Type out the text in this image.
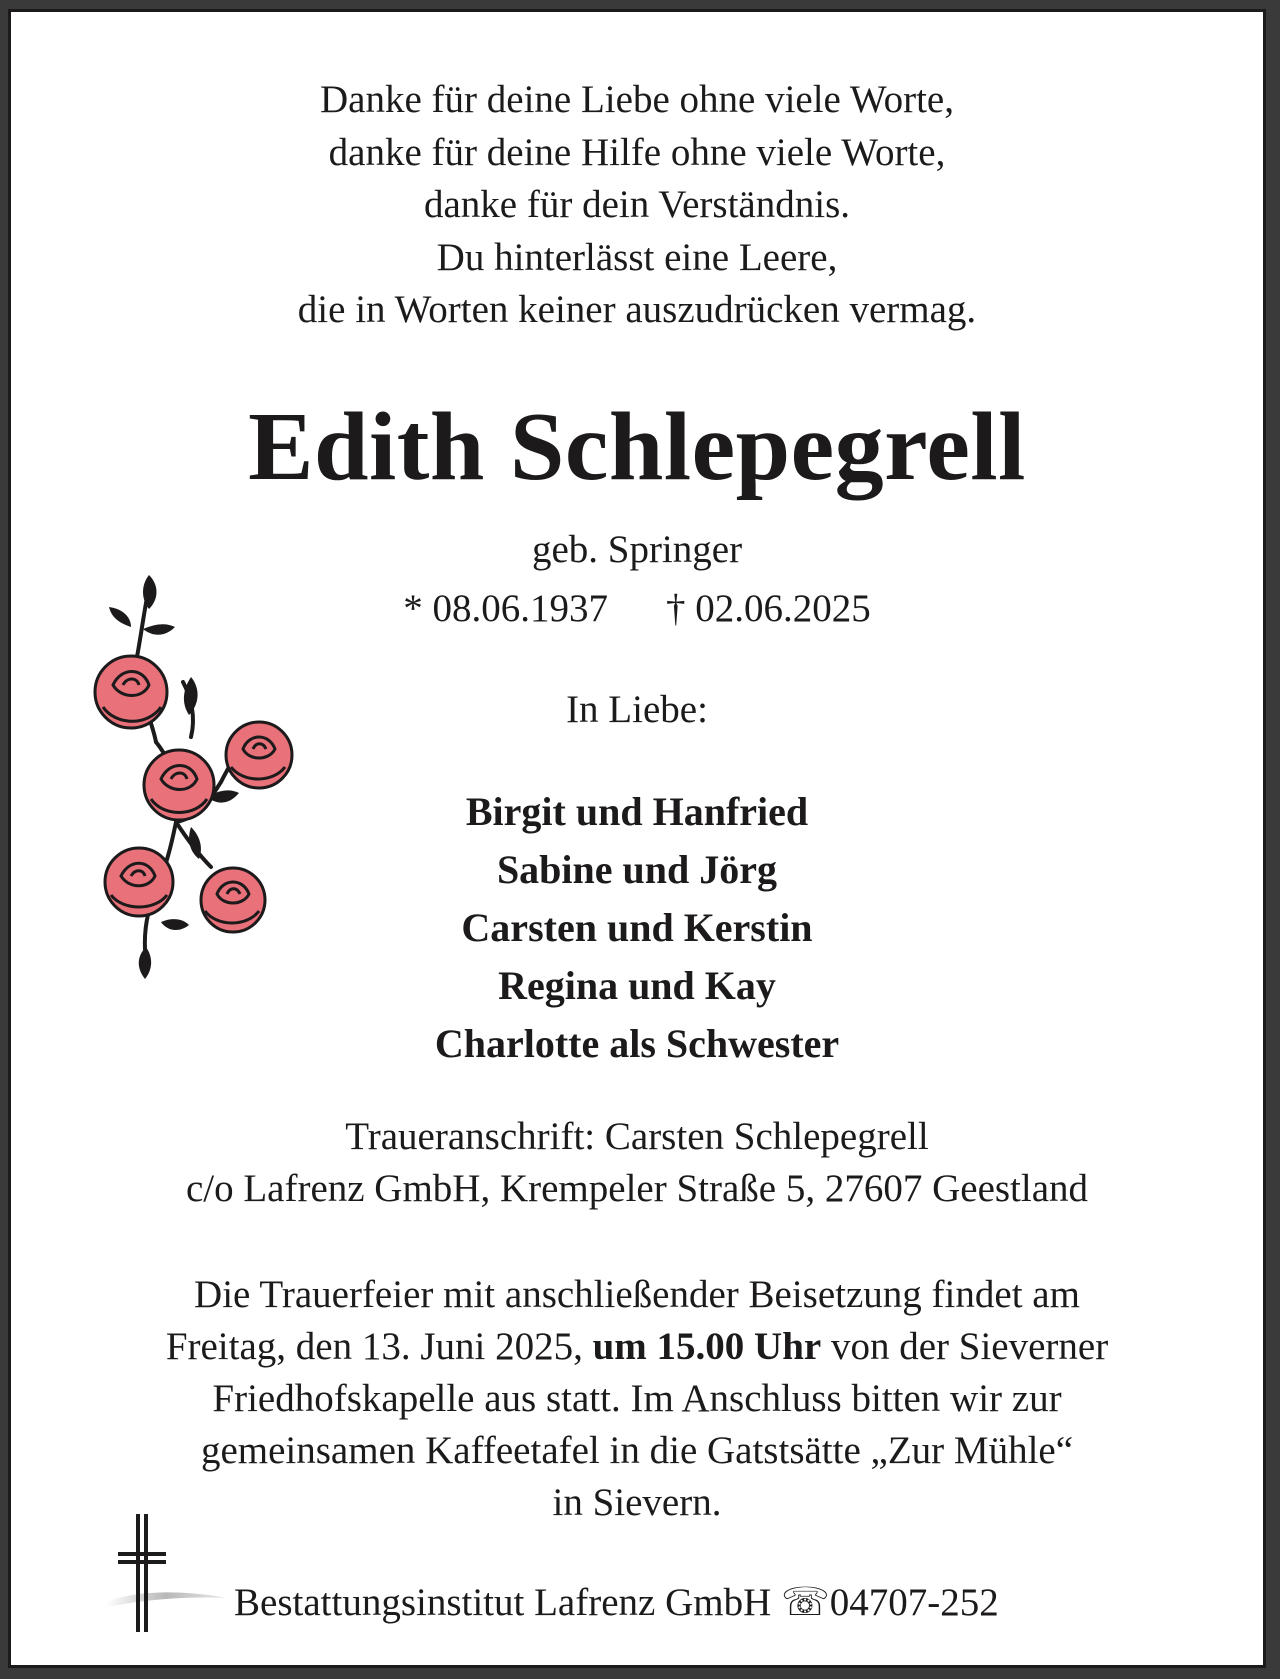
Danke für deine Liebe ohne viele Worte,
danke für deine Hilfe ohne viele Worte,
danke für dein Verständnis.
Du hinterlässt eine Leere,
die in Worten keiner auszudrücken vermag.
Edith Schlepegrell
geb. Springer
* 08.06.1937 † 02.06.2025
In Liebe:
Birgit und Hanfried
Sabine und Jörg
Carsten und Kerstin
Regina und Kay
Charlotte als Schwester
Traueranschrift: Carsten Schlepegrell
c/o Lafrenz GmbH, Krempeler Straße 5, 27607 Geestland
Die Trauerfeier mit anschließender Beisetzung findet am
Freitag, den 13. Juni 2025, um 15.00 Uhr von der Sieverner
Friedhofskapelle aus statt. Im Anschluss bitten wir zur
gemeinsamen Kaffeetafel in die Gatstsätte „Zur Mühle“
in Sievern.
Bestattungsinstitut Lafrenz GmbH ☏04707-252
